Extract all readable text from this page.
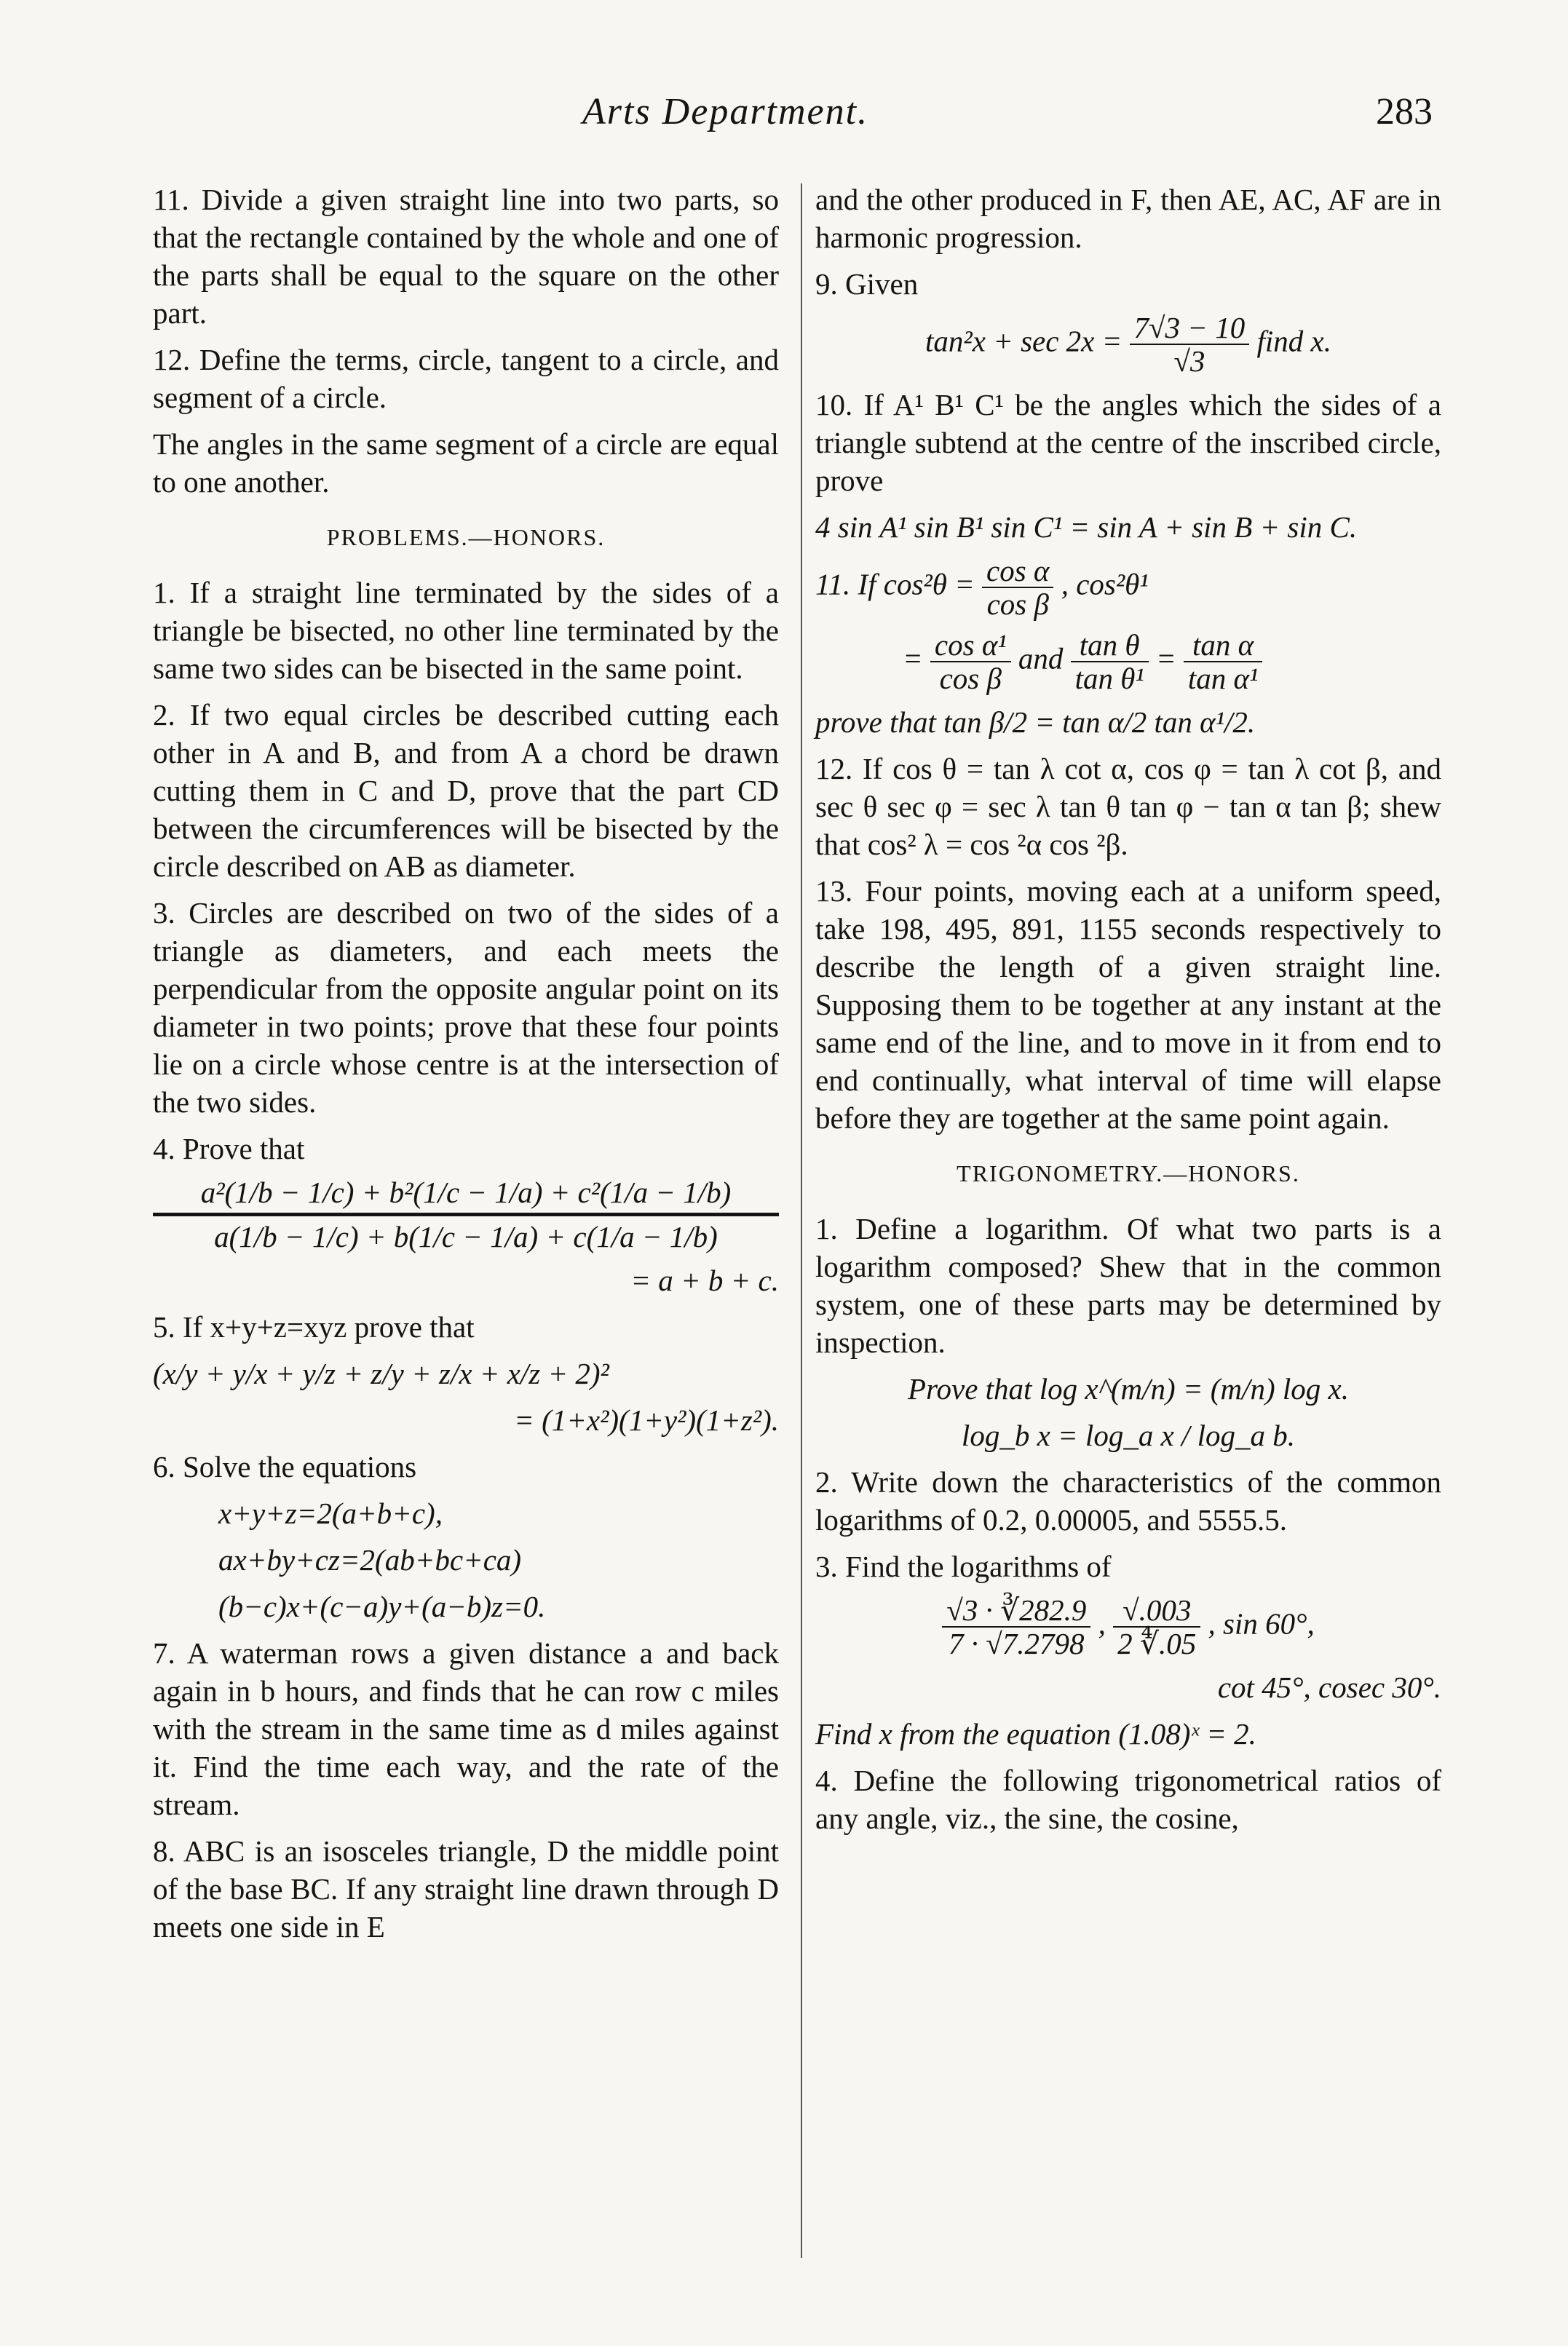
Arts Department.	283

11. Divide a given straight line into two parts, so that the rectangle contained by the whole and one of the parts shall be equal to the square on the other part.

12. Define the terms, circle, tangent to a circle, and segment of a circle.

The angles in the same segment of a circle are equal to one another.

PROBLEMS.—HONORS.

1. If a straight line terminated by the sides of a triangle be bisected, no other line terminated by the same two sides can be bisected in the same point.

2. If two equal circles be described cutting each other in A and B, and from A a chord be drawn cutting them in C and D, prove that the part CD between the circumferences will be bisected by the circle described on AB as diameter.

3. Circles are described on two of the sides of a triangle as diameters, and each meets the perpendicular from the opposite angular point on its diameter in two points; prove that these four points lie on a circle whose centre is at the intersection of the two sides.

4. Prove that

$\frac{\text{a²(1/b − 1/c) + b²(1/c − 1/a) + c²(1/a − 1/b)}}{a(1/b - 1/c) + b(1/c - 1/a) + c(1/a - 1/b)}$
= a + b + c.

5. If x+y+z=xyz prove that

(x/y + y/x + y/z + z/y + z/x + x/z + 2)²
= (1+x²)(1+y²)(1+z²).

6. Solve the equations

x+y+z=2(a+b+c),
ax+by+cz=2(ab+bc+ca)
(b−c)x+(c−a)y+(a−b)z=0.

7. A waterman rows a given distance a and back again in b hours, and finds that he can row c miles with the stream in the same time as d miles against it. Find the time each way, and the rate of the stream.

8. ABC is an isosceles triangle, D the middle point of the base BC. If any straight line drawn through D meets one side in E

and the other produced in F, then AE, AC, AF are in harmonic progression.

9. Given

$\tan^2x + \sec 2x = \frac{7√3 - 10}{√3}$ find x.

10. If A¹ B¹ C¹ be the angles which the sides of a triangle subtend at the centre of the inscribed circle, prove

4 sin A¹ sin B¹ sin C¹ = sin A + sin B + sin C.
11. If $\cos^2\theta = \frac{\text{cos α}}{\text{cos β}}$ , cos²θ¹
= $\frac{\text{cos α¹}}{\text{cos β}}$ and $\frac{\text{tan θ}}{\text{tan θ¹}} = \frac{\text{tan α}}{\text{tan α¹}}$
prove that tan β/2 = tan α/2 tan α¹/2.

12. If cos θ = tan λ cot α, cos φ = tan λ cot β, and sec θ sec φ = sec λ tan θ tan φ − tan α tan β; shew that cos² λ = cos ²α cos ²β.

13. Four points, moving each at a uniform speed, take 198, 495, 891, 1155 seconds respectively to describe the length of a given straight line. Supposing them to be together at any instant at the same end of the line, and to move in it from end to end continually, what interval of time will elapse before they are together at the same point again.

TRIGONOMETRY.—HONORS.

1. Define a logarithm. Of what two parts is a logarithm composed? Shew that in the common system, one of these parts may be determined by inspection.

Prove that log x^(m/n) = (m/n) log x.
log_b x = log_a x / log_a b.

2. Write down the characteristics of the common logarithms of 0.2, 0.00005, and 5555.5.

3. Find the logarithms of

$\frac{√3 \cdot ∛282.9}{7 \cdot √7.2798}$ , $\frac{√.003}{2 ∜.05}$ , sin 60°,
cot 45°, cosec 30°.
Find x from the equation (1.08)ˣ = 2.

4. Define the following trigonometrical ratios of any angle, viz., the sine, the cosine,
